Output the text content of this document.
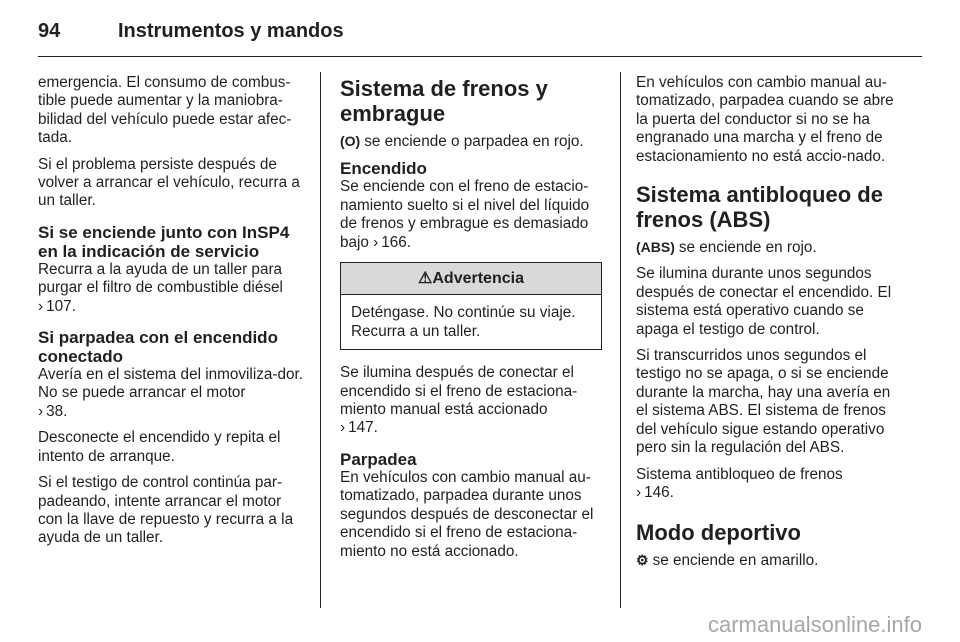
94	Instrumentos y mandos

emergencia. El consumo de combus-tible puede aumentar y la maniobra-bilidad del vehículo puede estar afec-tada.

Si el problema persiste después de volver a arrancar el vehículo, recurra a un taller.

Si se enciende junto con InSP4 en la indicación de servicio

Recurra a la ayuda de un taller para purgar el filtro de combustible diésel
› 107.

Si parpadea con el encendido conectado

Avería en el sistema del inmoviliza-dor. No se puede arrancar el motor
› 38.

Desconecte el encendido y repita el intento de arranque.

Si el testigo de control continúa par-padeando, intente arrancar el motor con la llave de repuesto y recurra a la ayuda de un taller.

Sistema de frenos y embrague

(O) se enciende o parpadea en rojo.

Encendido

Se enciende con el freno de estacio-namiento suelto si el nivel del líquido de frenos y embrague es demasiado bajo › 166.

⚠Advertencia
Deténgase. No continúe su viaje. Recurra a un taller.

Se ilumina después de conectar el encendido si el freno de estaciona-miento manual está accionado
› 147.

Parpadea

En vehículos con cambio manual au-tomatizado, parpadea durante unos segundos después de desconectar el encendido si el freno de estaciona-miento no está accionado.

En vehículos con cambio manual au-tomatizado, parpadea cuando se abre la puerta del conductor si no se ha engranado una marcha y el freno de estacionamiento no está accio-nado.

Sistema antibloqueo de frenos (ABS)

(ABS) se enciende en rojo.

Se ilumina durante unos segundos después de conectar el encendido. El sistema está operativo cuando se apaga el testigo de control.

Si transcurridos unos segundos el testigo no se apaga, o si se enciende durante la marcha, hay una avería en el sistema ABS. El sistema de frenos del vehículo sigue estando operativo pero sin la regulación del ABS.

Sistema antibloqueo de frenos
› 146.

Modo deportivo

⚙ se enciende en amarillo.

carmanualsonline.info
